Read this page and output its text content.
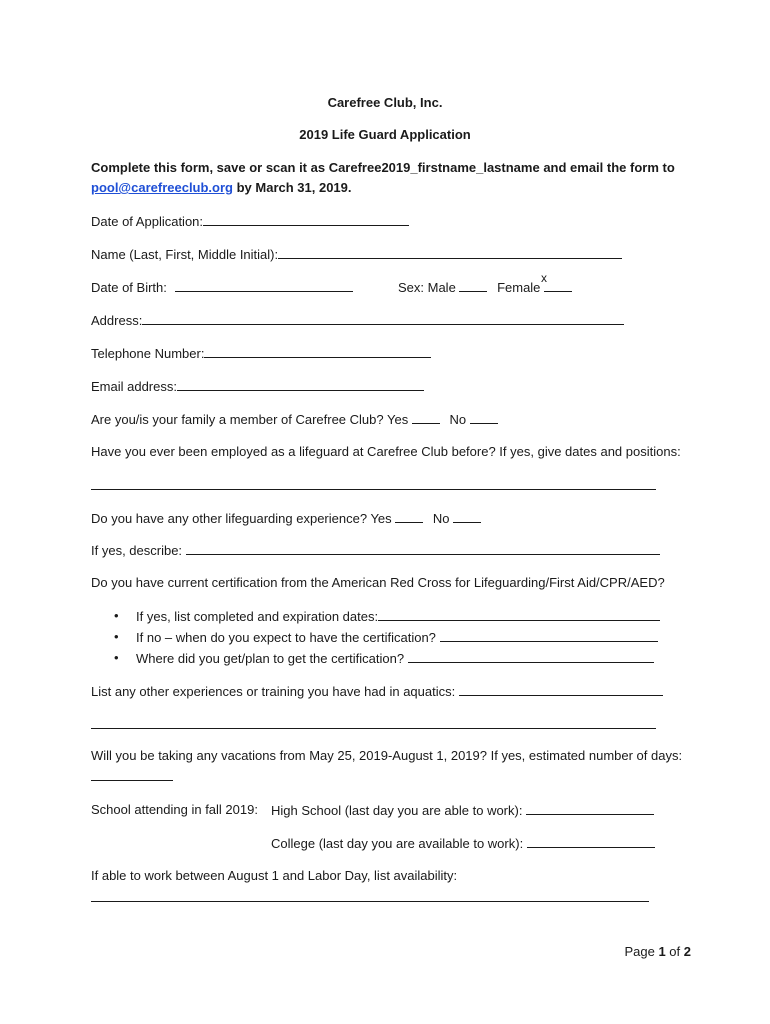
Carefree Club, Inc.
2019 Life Guard Application
Complete this form, save or scan it as Carefree2019_firstname_lastname and email the form to
pool@carefreeclub.org by March 31, 2019.
Date of Application:
Name (Last, First, Middle Initial):
Date of Birth:	Sex: Male	Female
x
Address:
Telephone Number:
Email address:
Are you/is your family a member of Carefree Club? Yes	No
Have you ever been employed as a lifeguard at Carefree Club before? If yes, give dates and positions:
Do you have any other lifeguarding experience? Yes	No
If yes, describe:
Do you have current certification from the American Red Cross for Lifeguarding/First Aid/CPR/AED?
• If yes, list completed and expiration dates:
• If no – when do you expect to have the certification?
• Where did you get/plan to get the certification?
List any other experiences or training you have had in aquatics:
Will you be taking any vacations from May 25, 2019-August 1, 2019? If yes, estimated number of days:
School attending in fall 2019: High School (last day you are able to work):
College (last day you are available to work):
If able to work between August 1 and Labor Day, list availability:
Page 1 of 2
